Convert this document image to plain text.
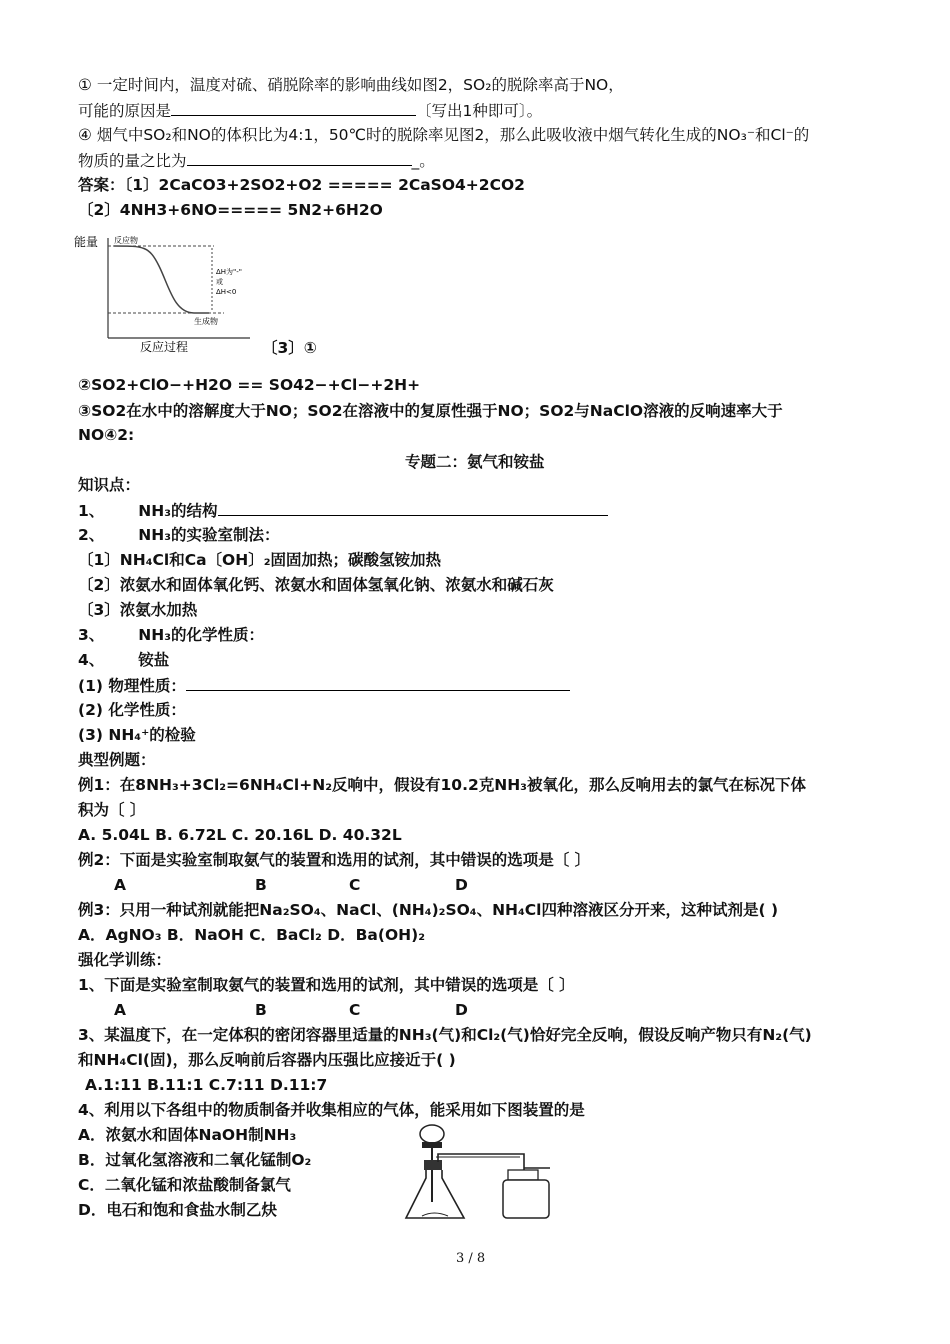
① 一定时间内，温度对硫、硝脱除率的影响曲线如图2，SO₂的脱除率高于NO，
可能的原因是	〔写出1种即可〕。
④ 烟气中SO₂和NO的体积比为4:1，50℃时的脱除率见图2，那么此吸收液中烟气转化生成的NO₃⁻和Cl⁻的
物质的量之比为	_。
答案：〔1〕2CaCO3+2SO2+O2 ===== 2CaSO4+2CO2
〔2〕4NH3+6NO===== 5N2+6H2O
能量 反应物
ΔH为"-"
或
ΔH<0
生成物
反应过程	〔3〕①
②SO2+ClO−+H2O == SO42−+Cl−+2H+
③SO2在水中的溶解度大于NO；SO2在溶液中的复原性强于NO；SO2与NaClO溶液的反响速率大于
NO④2:
专题二：氨气和铵盐
知识点：
1、 NH₃的结构
2、 NH₃的实验室制法：
〔1〕NH₄Cl和Ca〔OH〕₂固固加热；碳酸氢铵加热
〔2〕浓氨水和固体氧化钙、浓氨水和固体氢氧化钠、浓氨水和碱石灰
〔3〕浓氨水加热
3、 NH₃的化学性质：
4、 铵盐
(1) 物理性质：
(2) 化学性质：
(3) NH₄⁺的检验
典型例题：
例1：在8NH₃+3Cl₂=6NH₄Cl+N₂反响中，假设有10.2克NH₃被氧化，那么反响用去的氯气在标况下体
积为〔 〕
A. 5.04L B. 6.72L C. 20.16L D. 40.32L
例2：下面是实验室制取氨气的装置和选用的试剂，其中错误的选项是〔 〕
A	B	C	D
例3：只用一种试剂就能把Na₂SO₄、NaCl、(NH₄)₂SO₄、NH₄Cl四种溶液区分开来，这种试剂是( )
A．AgNO₃ B．NaOH C．BaCl₂ D．Ba(OH)₂
强化学训练：
1、下面是实验室制取氨气的装置和选用的试剂，其中错误的选项是〔 〕
A	B	C	D
3、某温度下，在一定体积的密闭容器里适量的NH₃(气)和Cl₂(气)恰好完全反响，假设反响产物只有N₂(气)
和NH₄Cl(固)，那么反响前后容器内压强比应接近于( )
A.1:11 B.11:1 C.7:11 D.11:7
4、利用以下各组中的物质制备并收集相应的气体，能采用如下图装置的是
A．浓氨水和固体NaOH制NH₃
B．过氧化氢溶液和二氧化锰制O₂
C．二氧化锰和浓盐酸制备氯气
D．电石和饱和食盐水制乙炔
3 / 8
